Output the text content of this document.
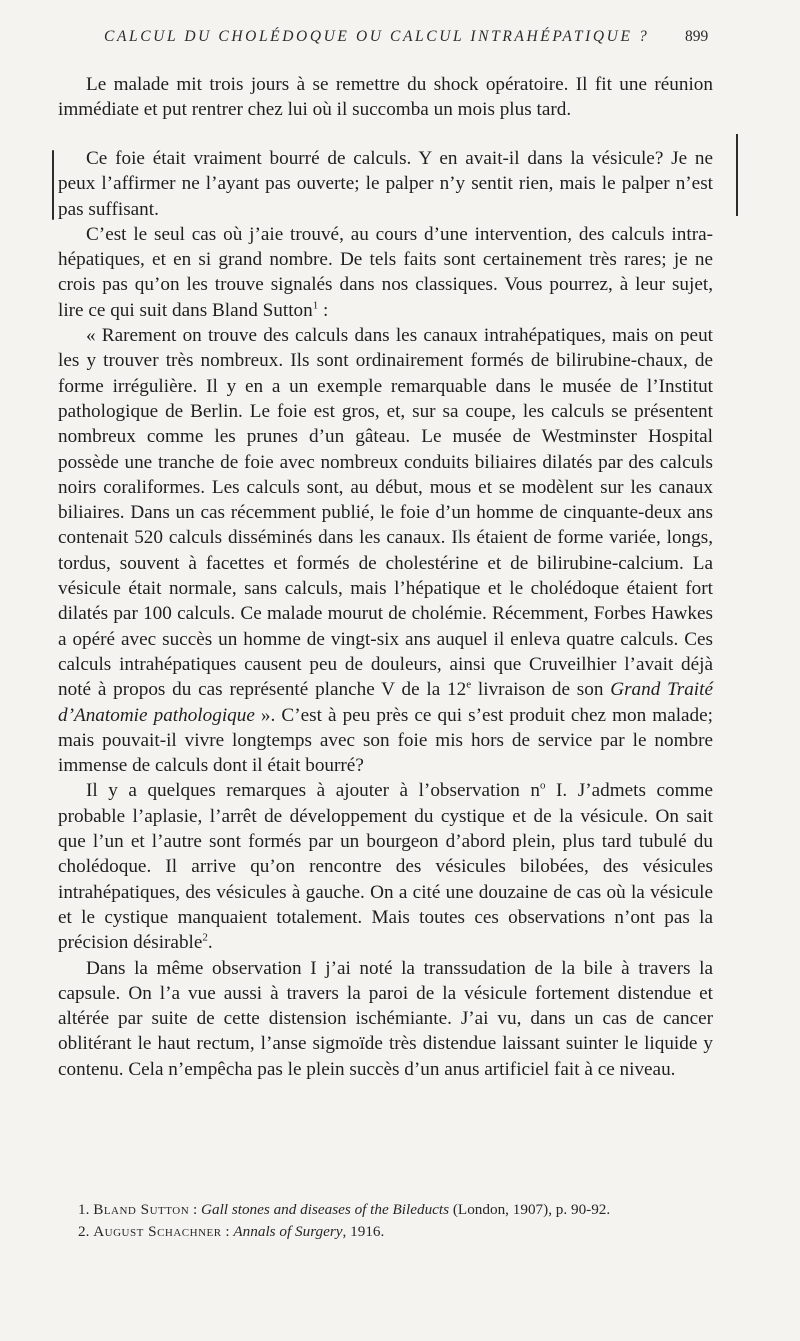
CALCUL DU CHOLÉDOQUE OU CALCUL INTRAHÉPATIQUE ? 899

Le malade mit trois jours à se remettre du shock opératoire. Il fit une réunion immédiate et put rentrer chez lui où il succomba un mois plus tard.

Ce foie était vraiment bourré de calculs. Y en avait-il dans la vésicule? Je ne peux l’affirmer ne l’ayant pas ouverte; le palper n’y sentit rien, mais le palper n’est pas suffisant.

C’est le seul cas où j’aie trouvé, au cours d’une intervention, des calculs intra-hépatiques, et en si grand nombre. De tels faits sont certainement très rares; je ne crois pas qu’on les trouve signalés dans nos classiques. Vous pourrez, à leur sujet, lire ce qui suit dans Bland Sutton$^1$ :

« Rarement on trouve des calculs dans les canaux intrahépatiques, mais on peut les y trouver très nombreux. Ils sont ordinairement formés de bilirubine-chaux, de forme irrégulière. Il y en a un exemple remarquable dans le musée de l’Institut pathologique de Berlin. Le foie est gros, et, sur sa coupe, les calculs se présentent nombreux comme les prunes d’un gâteau. Le musée de Westminster Hospital possède une tranche de foie avec nombreux conduits biliaires dilatés par des calculs noirs coraliformes. Les calculs sont, au début, mous et se modèlent sur les canaux biliaires. Dans un cas récemment publié, le foie d’un homme de cinquante-deux ans contenait 520 calculs disséminés dans les canaux. Ils étaient de forme variée, longs, tordus, souvent à facettes et formés de cholestérine et de bilirubine-calcium. La vésicule était normale, sans calculs, mais l’hépatique et le cholédoque étaient fort dilatés par 100 calculs. Ce malade mourut de cholémie. Récemment, Forbes Hawkes a opéré avec succès un homme de vingt-six ans auquel il enleva quatre calculs. Ces calculs intrahépatiques causent peu de douleurs, ainsi que Cruveilhier l’avait déjà noté à propos du cas représenté planche V de la 12e livraison de son Grand Traité d’Anatomie pathologique ». C’est à peu près ce qui s’est produit chez mon malade; mais pouvait-il vivre longtemps avec son foie mis hors de service par le nombre immense de calculs dont il était bourré?

Il y a quelques remarques à ajouter à l’observation $n^o$ I. J’admets comme probable l’aplasie, l’arrêt de développement du cystique et de la vésicule. On sait que l’un et l’autre sont formés par un bourgeon d’abord plein, plus tard tubulé du cholédoque. Il arrive qu’on rencontre des vésicules bilobées, des vésicules intrahépatiques, des vésicules à gauche. On a cité une douzaine de cas où la vésicule et le cystique manquaient totalement. Mais toutes ces observations n’ont pas la précision désirable$^2$.

Dans la même observation I j’ai noté la transsudation de la bile à travers la capsule. On l’a vue aussi à travers la paroi de la vésicule fortement distendue et altérée par suite de cette distension ischémiante. J’ai vu, dans un cas de cancer oblitérant le haut rectum, l’anse sigmoïde très distendue laissant suinter le liquide y contenu. Cela n’empêcha pas le plein succès d’un anus artificiel fait à ce niveau.

1. Bland Sutton : Gall stones and diseases of the Bileducts (London, 1907), p. 90-92.
2. August Schachner : Annals of Surgery, 1916.
